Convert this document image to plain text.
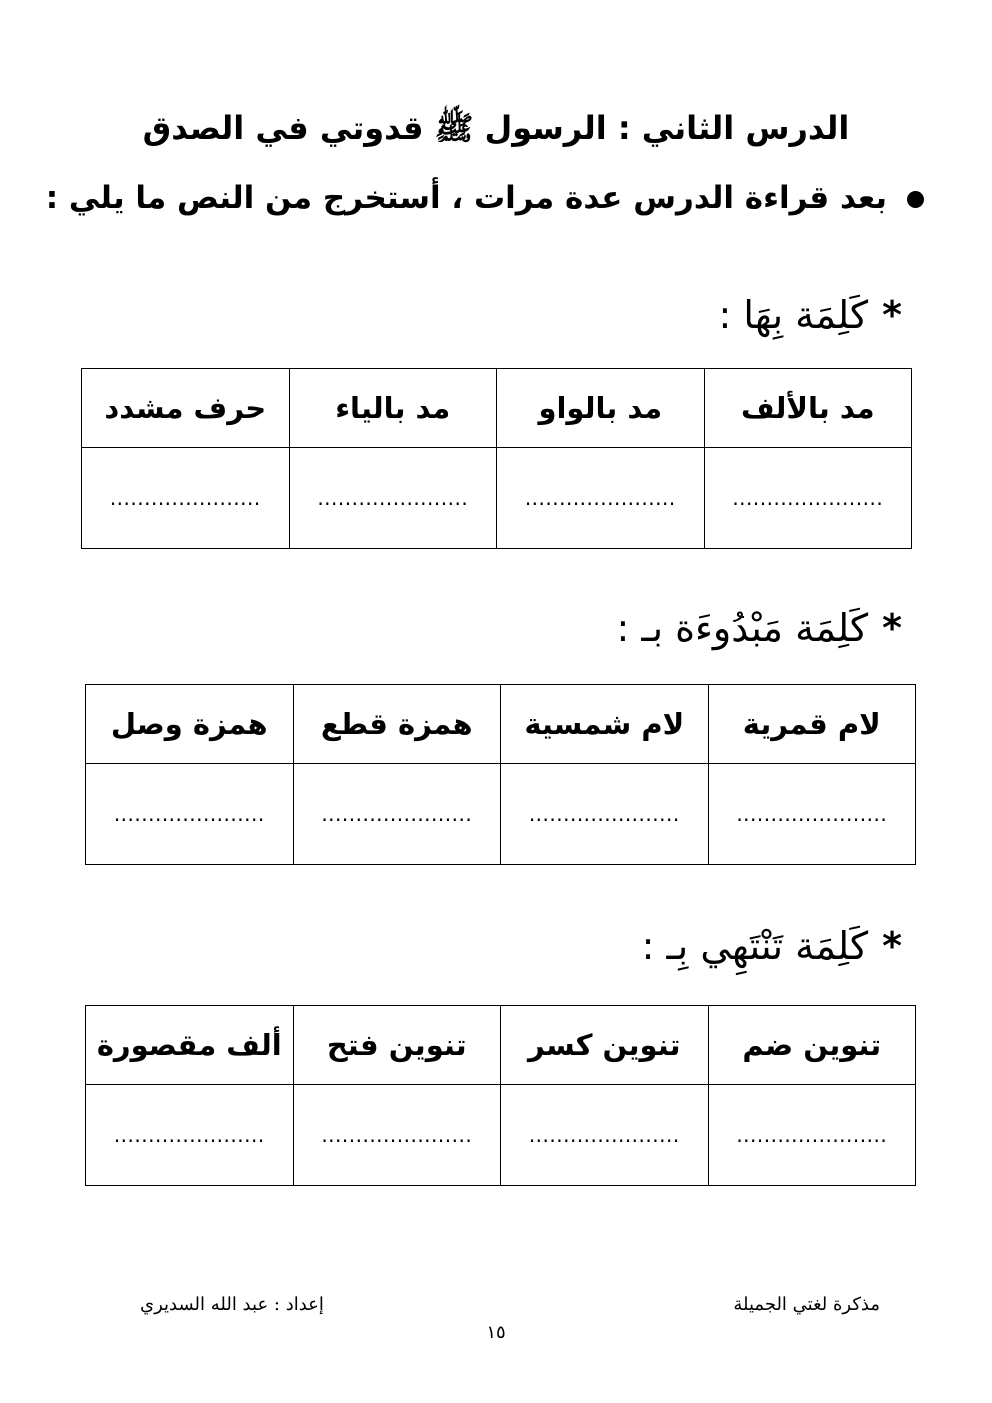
الدرس الثاني : الرسول ﷺ قدوتي في الصدق
بعد قراءة الدرس عدة مرات ، أستخرج من النص ما يلي :
*كَلِمَة بِهَا :
مد بالألف	مد بالواو	مد بالياء	حرف مشدد
......................	......................	......................	......................
*كَلِمَة مَبْدُوءَة بـ :
لام قمرية	لام شمسية	همزة قطع	همزة وصل
......................	......................	......................	......................
*كَلِمَة تَنْتَهِي بِـ :
تنوين ضم	تنوين كسر	تنوين فتح	ألف مقصورة
......................	......................	......................	......................
مذكرة لغتي الجميلة
إعداد : عبد الله السديري
١٥
